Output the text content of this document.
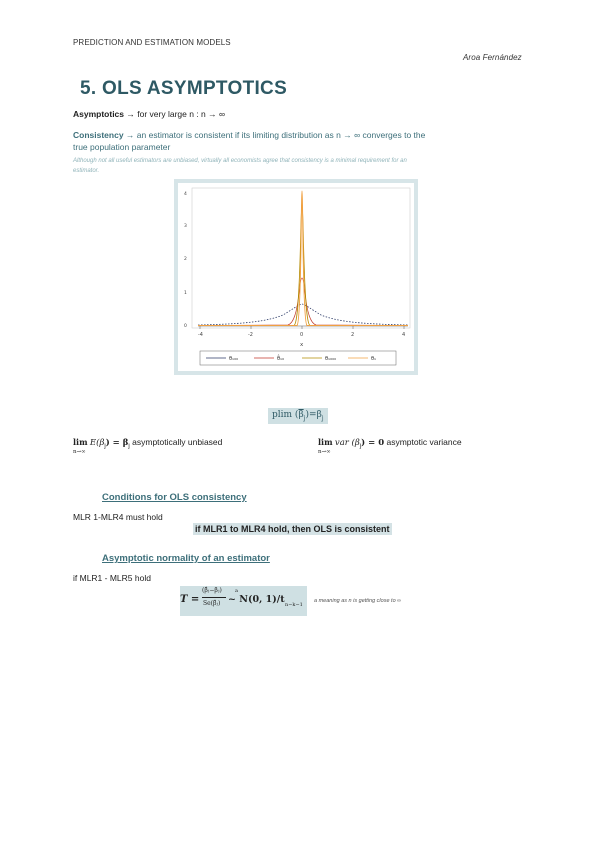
PREDICTION AND ESTIMATION MODELS
Aroa Fernández
5. OLS ASYMPTOTICS
Asymptotics → for very large n : n → ∞
Consistency → an estimator is consistent if its limiting distribution as n → ∞ converges to the
true population parameter
Although not all useful estimators are unbiased, virtually all economists agree that consistency is a minimal requirement for an
estimator.
-4	-2	0	2	4
x
0
1
2
3
4
θ₁₀₀	θ̂₁₀	θ₁₀₀₀	θ₁
plim $(\overline{\beta}_j)=\beta_j$
$\lim E(\beta_j) = \beta_j$ asymptotically unbiased
n→∞
lim var $(\beta_j) = 0$ asymptotic variance
n→∞
Conditions for OLS consistency
MLR 1-MLR4 must hold
if MLR1 to MLR4 hold, then OLS is consistent
Asymptotic normality of an estimator
if MLR1 - MLR5 hold
T =
(β̂ⱼ−βⱼ)
Se(β̂ⱼ)
a
~ N(0, 1)/t n−k−1
a meaning as n is getting close to ∞
